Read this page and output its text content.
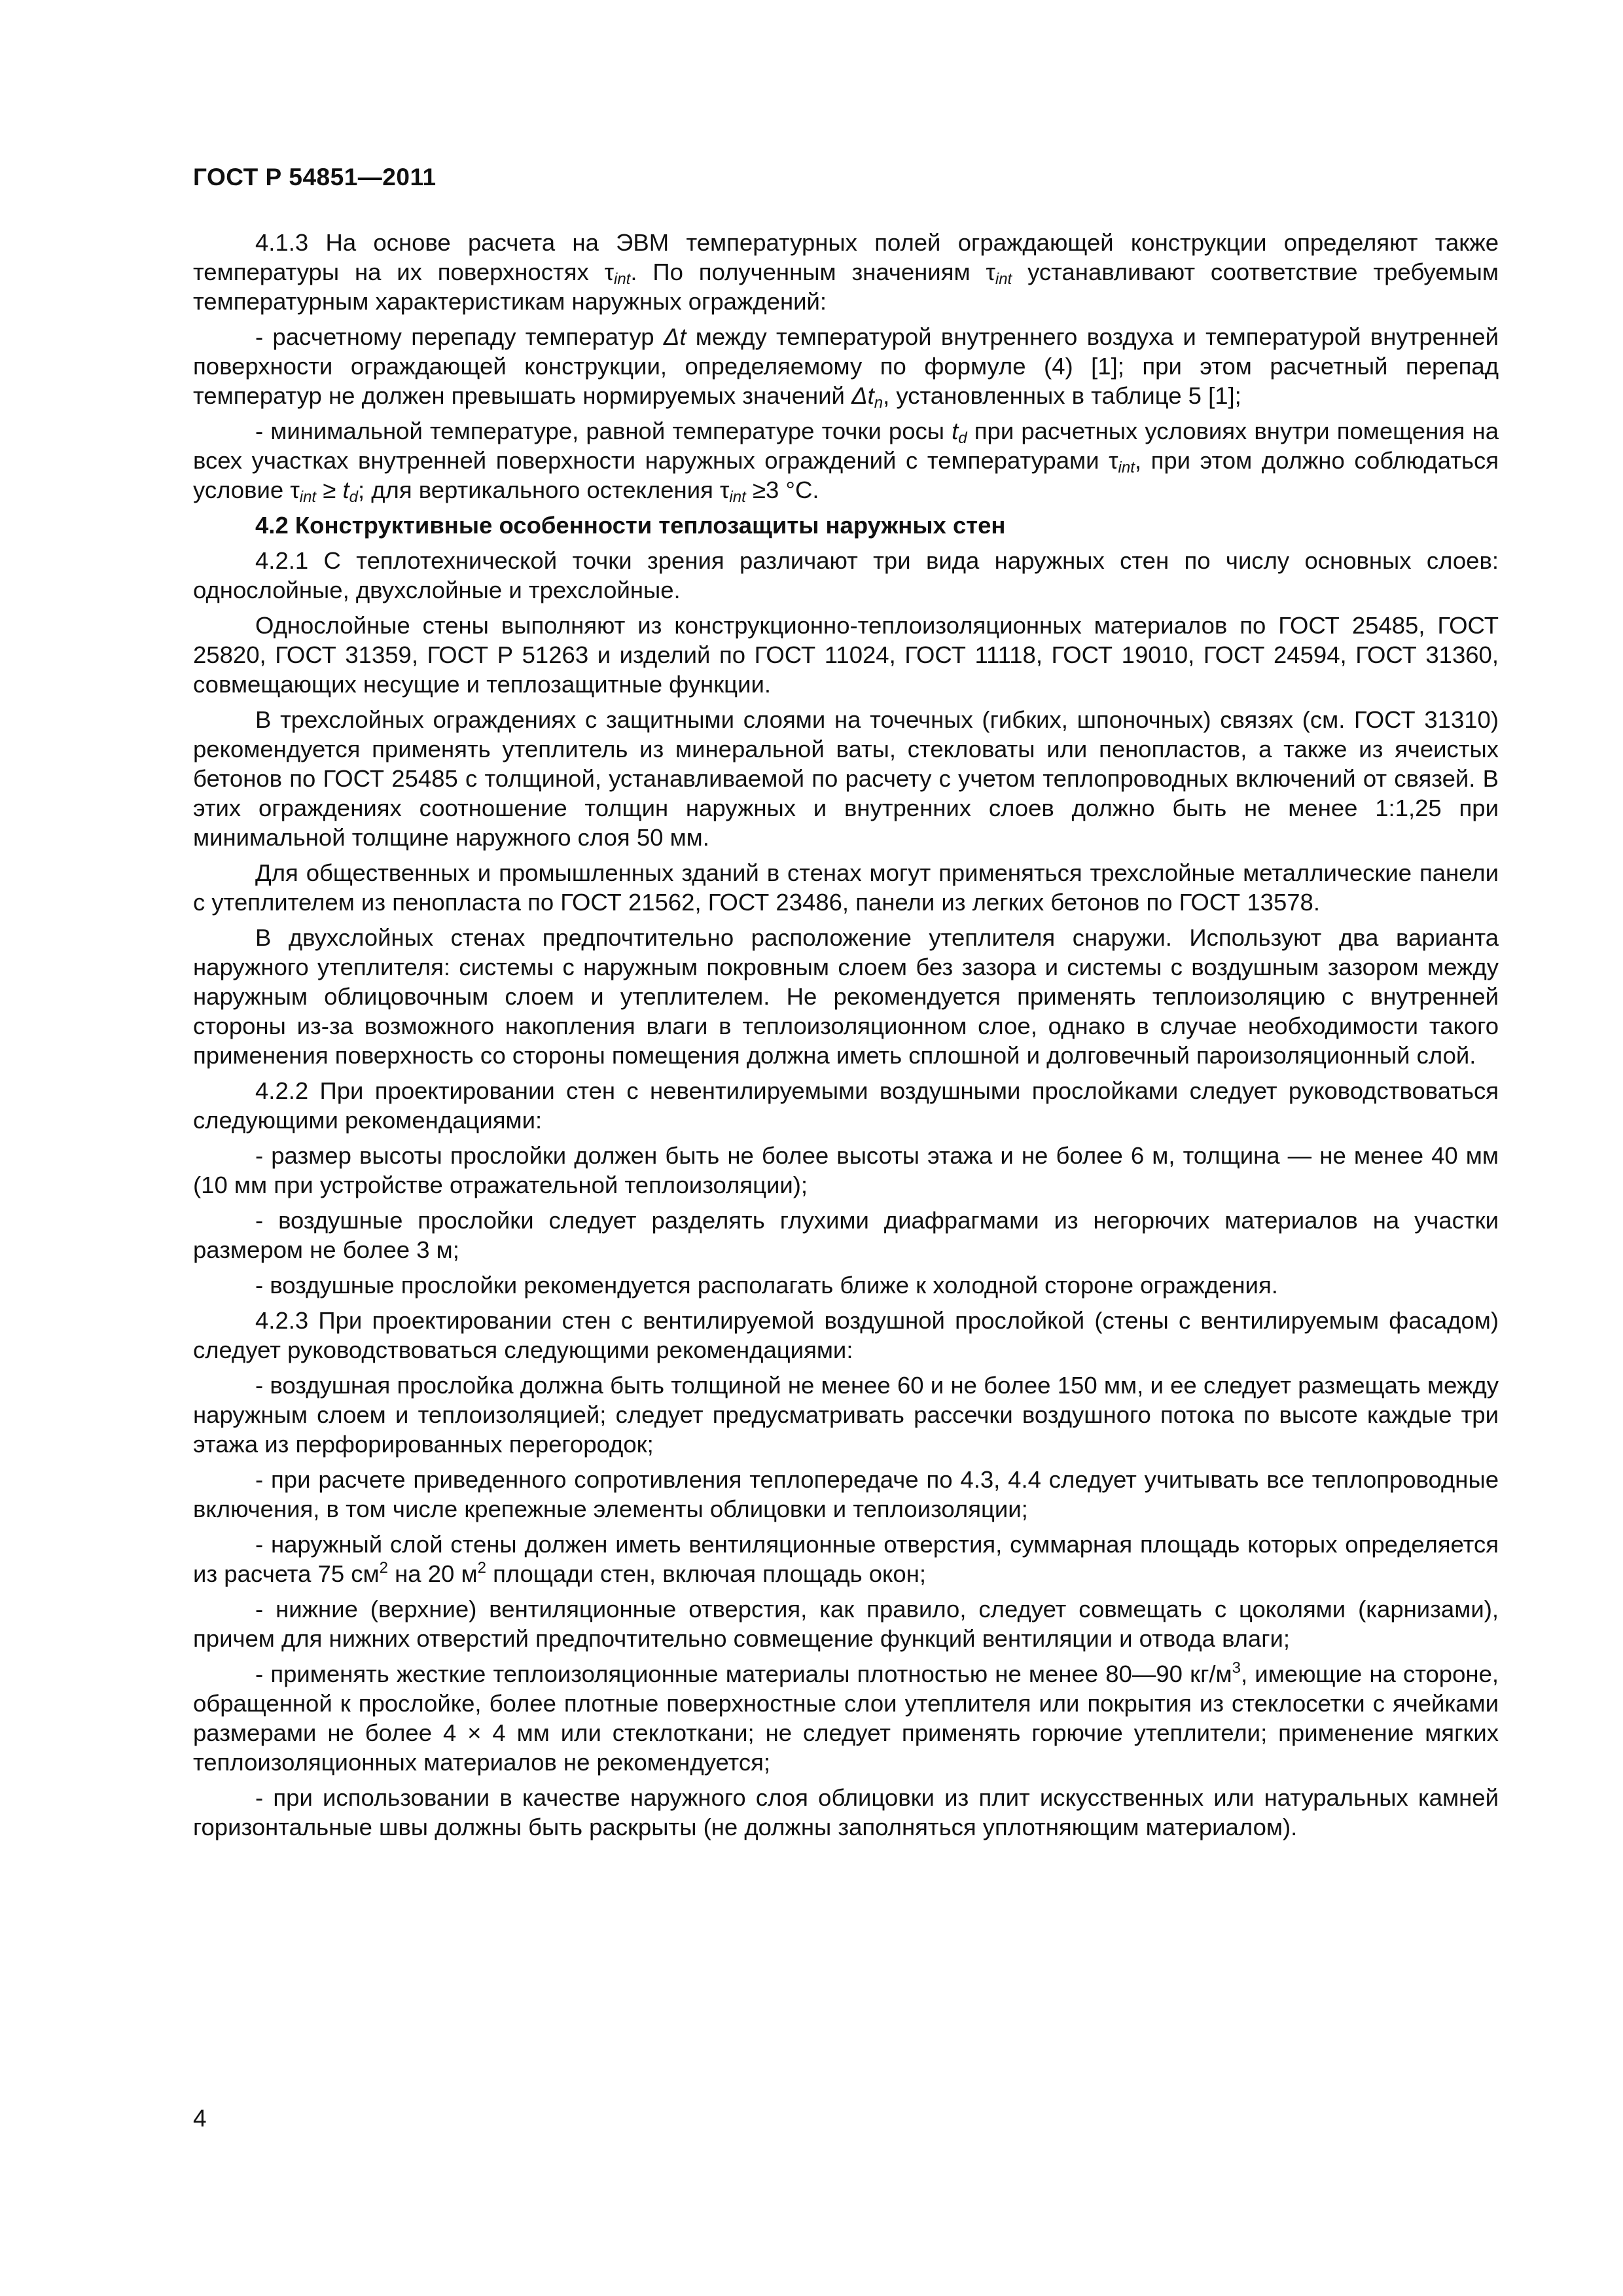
ГОСТ Р 54851—2011

4.1.3 На основе расчета на ЭВМ температурных полей ограждающей конструкции определяют также температуры на их поверхностях $\tau_{int}$. По полученным значениям $\tau_{int}$ устанавливают соответствие требуемым температурным характеристикам наружных ограждений:

- расчетному перепаду температур Δt между температурой внутреннего воздуха и температурой внутренней поверхности ограждающей конструкции, определяемому по формуле (4) [1]; при этом расчетный перепад температур не должен превышать нормируемых значений $\Delta t_n$, установленных в таблице 5 [1];

- минимальной температуре, равной температуре точки росы $t_d$ при расчетных условиях внутри помещения на всех участках внутренней поверхности наружных ограждений с температурами $\tau_{int}$, при этом должно соблюдаться условие $\tau_{int} \ge t_d$; для вертикального остекления $\tau_{int} \ge 3$ °С.

4.2 Конструктивные особенности теплозащиты наружных стен

4.2.1 С теплотехнической точки зрения различают три вида наружных стен по числу основных слоев: однослойные, двухслойные и трехслойные.

Однослойные стены выполняют из конструкционно-теплоизоляционных материалов по ГОСТ 25485, ГОСТ 25820, ГОСТ 31359, ГОСТ Р 51263 и изделий по ГОСТ 11024, ГОСТ 11118, ГОСТ 19010, ГОСТ 24594, ГОСТ 31360, совмещающих несущие и теплозащитные функции.

В трехслойных ограждениях с защитными слоями на точечных (гибких, шпоночных) связях (см. ГОСТ 31310) рекомендуется применять утеплитель из минеральной ваты, стекловаты или пенопластов, а также из ячеистых бетонов по ГОСТ 25485 с толщиной, устанавливаемой по расчету с учетом теплопроводных включений от связей. В этих ограждениях соотношение толщин наружных и внутренних слоев должно быть не менее 1:1,25 при минимальной толщине наружного слоя 50 мм.

Для общественных и промышленных зданий в стенах могут применяться трехслойные металлические панели с утеплителем из пенопласта по ГОСТ 21562, ГОСТ 23486, панели из легких бетонов по ГОСТ 13578.

В двухслойных стенах предпочтительно расположение утеплителя снаружи. Используют два варианта наружного утеплителя: системы с наружным покровным слоем без зазора и системы с воздушным зазором между наружным облицовочным слоем и утеплителем. Не рекомендуется применять теплоизоляцию с внутренней стороны из-за возможного накопления влаги в теплоизоляционном слое, однако в случае необходимости такого применения поверхность со стороны помещения должна иметь сплошной и долговечный пароизоляционный слой.

4.2.2 При проектировании стен с невентилируемыми воздушными прослойками следует руководствоваться следующими рекомендациями:

- размер высоты прослойки должен быть не более высоты этажа и не более 6 м, толщина — не менее 40 мм (10 мм при устройстве отражательной теплоизоляции);

- воздушные прослойки следует разделять глухими диафрагмами из негорючих материалов на участки размером не более 3 м;

- воздушные прослойки рекомендуется располагать ближе к холодной стороне ограждения.

4.2.3 При проектировании стен с вентилируемой воздушной прослойкой (стены с вентилируемым фасадом) следует руководствоваться следующими рекомендациями:

- воздушная прослойка должна быть толщиной не менее 60 и не более 150 мм, и ее следует размещать между наружным слоем и теплоизоляцией; следует предусматривать рассечки воздушного потока по высоте каждые три этажа из перфорированных перегородок;

- при расчете приведенного сопротивления теплопередаче по 4.3, 4.4 следует учитывать все теплопроводные включения, в том числе крепежные элементы облицовки и теплоизоляции;

- наружный слой стены должен иметь вентиляционные отверстия, суммарная площадь которых определяется из расчета 75 $см^2$ на 20 $м^2$ площади стен, включая площадь окон;

- нижние (верхние) вентиляционные отверстия, как правило, следует совмещать с цоколями (карнизами), причем для нижних отверстий предпочтительно совмещение функций вентиляции и отвода влаги;

- применять жесткие теплоизоляционные материалы плотностью не менее 80—90 $кг/м^3$, имеющие на стороне, обращенной к прослойке, более плотные поверхностные слои утеплителя или покрытия из стеклосетки с ячейками размерами не более 4 × 4 мм или стеклоткани; не следует применять горючие утеплители; применение мягких теплоизоляционных материалов не рекомендуется;

- при использовании в качестве наружного слоя облицовки из плит искусственных или натуральных камней горизонтальные швы должны быть раскрыты (не должны заполняться уплотняющим материалом).

4
